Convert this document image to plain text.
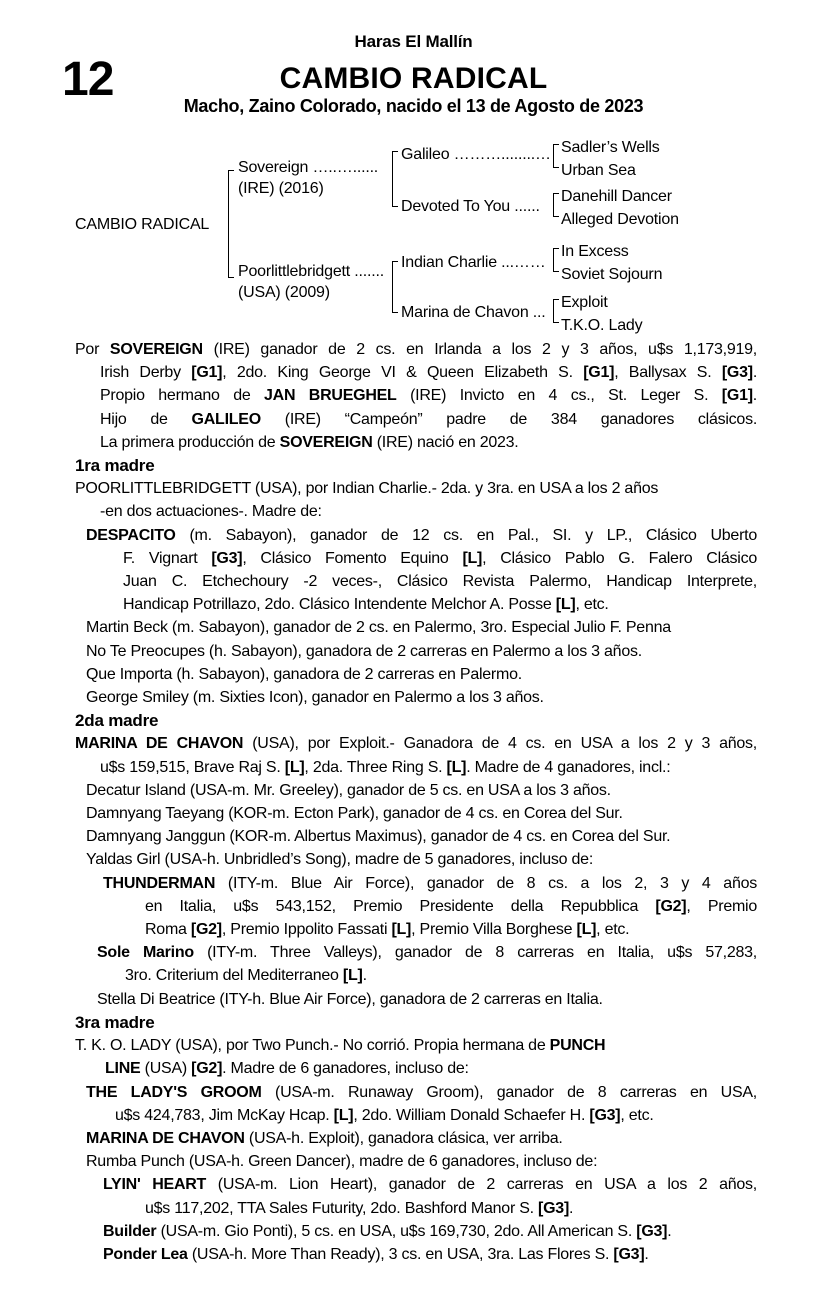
Haras El Mallín
12	CAMBIO RADICAL
Macho, Zaino Colorado, nacido el 13 de Agosto de 2023
CAMBIO RADICAL
Sovereign …..…......
(IRE) (2016)
Poorlittlebridgett .......
(USA) (2009)
Galileo ………........…
Devoted To You ......
Indian Charlie ...……
Marina de Chavon ...
Sadler’s Wells
Urban Sea
Danehill Dancer
Alleged Devotion
In Excess
Soviet Sojourn
Exploit
T.K.O. Lady
Por SOVEREIGN (IRE) ganador de 2 cs. en Irlanda a los 2 y 3 años, u$s 1,173,919,
Irish Derby [G1], 2do. King George VI & Queen Elizabeth S. [G1], Ballysax S. [G3].
Propio hermano de JAN BRUEGHEL (IRE) Invicto en 4 cs., St. Leger S. [G1].
Hijo de GALILEO (IRE) “Campeón” padre de 384 ganadores clásicos.
La primera producción de SOVEREIGN (IRE) nació en 2023.
1ra madre
POORLITTLEBRIDGETT (USA), por Indian Charlie.- 2da. y 3ra. en USA a los 2 años
-en dos actuaciones-. Madre de:
DESPACITO (m. Sabayon), ganador de 12 cs. en Pal., SI. y LP., Clásico Uberto
F. Vignart [G3], Clásico Fomento Equino [L], Clásico Pablo G. Falero Clásico
Juan C. Etchechoury -2 veces-, Clásico Revista Palermo, Handicap Interprete,
Handicap Potrillazo, 2do. Clásico Intendente Melchor A. Posse [L], etc.
Martin Beck (m. Sabayon), ganador de 2 cs. en Palermo, 3ro. Especial Julio F. Penna
No Te Preocupes (h. Sabayon), ganadora de 2 carreras en Palermo a los 3 años.
Que Importa (h. Sabayon), ganadora de 2 carreras en Palermo.
George Smiley (m. Sixties Icon), ganador en Palermo a los 3 años.
2da madre
MARINA DE CHAVON (USA), por Exploit.- Ganadora de 4 cs. en USA a los 2 y 3 años,
u$s 159,515, Brave Raj S. [L], 2da. Three Ring S. [L]. Madre de 4 ganadores, incl.:
Decatur Island (USA-m. Mr. Greeley), ganador de 5 cs. en USA a los 3 años.
Damnyang Taeyang (KOR-m. Ecton Park), ganador de 4 cs. en Corea del Sur.
Damnyang Janggun (KOR-m. Albertus Maximus), ganador de 4 cs. en Corea del Sur.
Yaldas Girl (USA-h. Unbridled’s Song), madre de 5 ganadores, incluso de:
THUNDERMAN (ITY-m. Blue Air Force), ganador de 8 cs. a los 2, 3 y 4 años
en Italia, u$s 543,152, Premio Presidente della Repubblica [G2], Premio
Roma [G2], Premio Ippolito Fassati [L], Premio Villa Borghese [L], etc.
Sole Marino (ITY-m. Three Valleys), ganador de 8 carreras en Italia, u$s 57,283,
3ro. Criterium del Mediterraneo [L].
Stella Di Beatrice (ITY-h. Blue Air Force), ganadora de 2 carreras en Italia.
3ra madre
T. K. O. LADY (USA), por Two Punch.- No corrió. Propia hermana de PUNCH
LINE (USA) [G2]. Madre de 6 ganadores, incluso de:
THE LADY'S GROOM (USA-m. Runaway Groom), ganador de 8 carreras en USA,
u$s 424,783, Jim McKay Hcap. [L], 2do. William Donald Schaefer H. [G3], etc.
MARINA DE CHAVON (USA-h. Exploit), ganadora clásica, ver arriba.
Rumba Punch (USA-h. Green Dancer), madre de 6 ganadores, incluso de:
LYIN' HEART (USA-m. Lion Heart), ganador de 2 carreras en USA a los 2 años,
u$s 117,202, TTA Sales Futurity, 2do. Bashford Manor S. [G3].
Builder (USA-m. Gio Ponti), 5 cs. en USA, u$s 169,730, 2do. All American S. [G3].
Ponder Lea (USA-h. More Than Ready), 3 cs. en USA, 3ra. Las Flores S. [G3].
